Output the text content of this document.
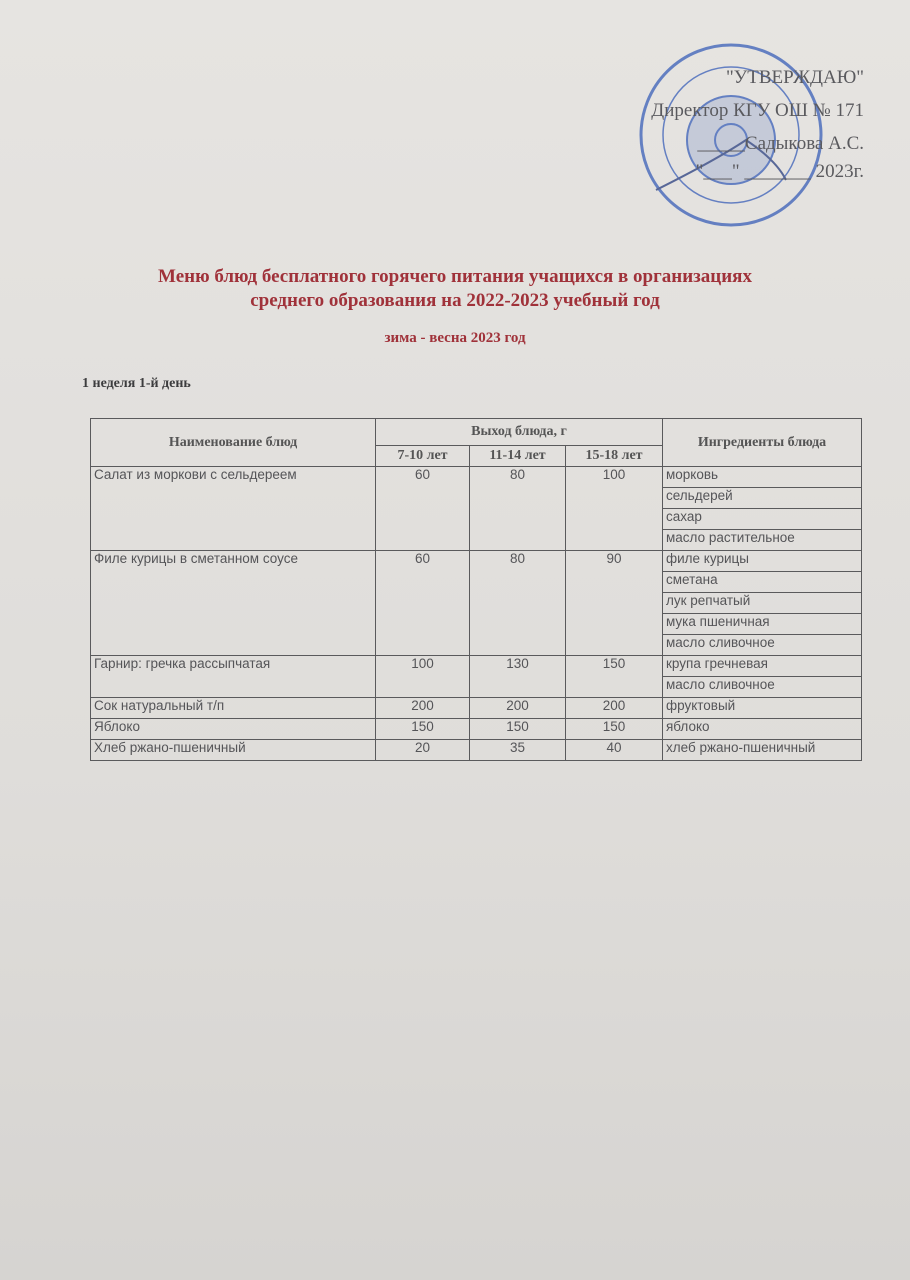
"УТВЕРЖДАЮ"
Директор КГУ ОШ № 171
_____Садыкова А.С.
"___" _______ 2023г.
Меню блюд бесплатного горячего питания учащихся в организациях
среднего образования на 2022-2023 учебный год
зима - весна 2023 год
1 неделя 1-й день
Наименование блюд	Выход блюда, г			Ингредиенты блюда
	7-10 лет	11-14 лет	15-18 лет	
Салат из моркови с сельдереем	60	80	100	морковь
				сельдерей
				сахар
				масло растительное
Филе курицы в сметанном соусе	60	80	90	филе курицы
				сметана
				лук репчатый
				мука пшеничная
				масло сливочное
Гарнир: гречка рассыпчатая	100	130	150	крупа гречневая
				масло сливочное
Сок натуральный т/п	200	200	200	фруктовый
Яблоко	150	150	150	яблоко
Хлеб ржано-пшеничный	20	35	40	хлеб ржано-пшеничный
